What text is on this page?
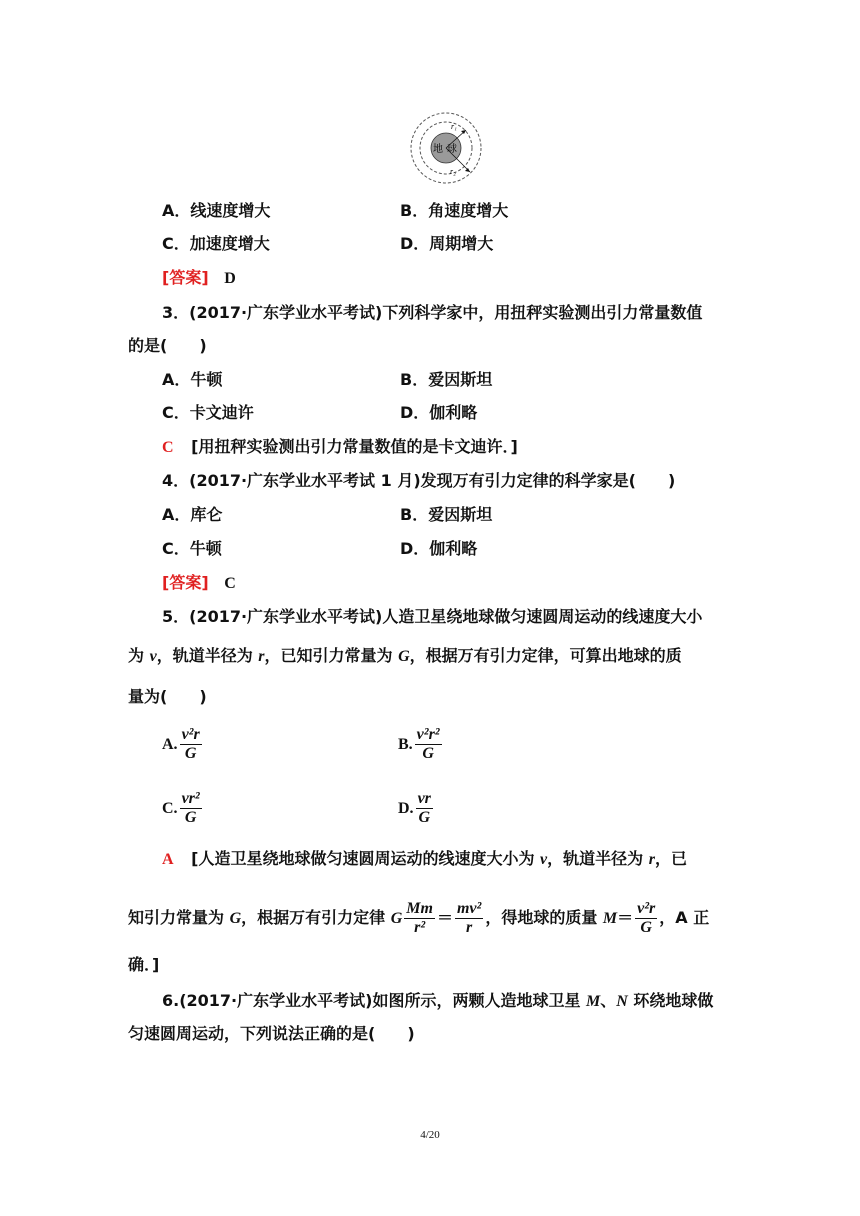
地 球
r₁
r₂
A．线速度增大	B．角速度增大
C．加速度增大	D．周期增大
[答案] D
3．(2017·广东学业水平考试)下列科学家中，用扭秤实验测出引力常量数值
的是(　　)
A．牛顿	B．爱因斯坦
C．卡文迪许	D．伽利略
C [用扭秤实验测出引力常量数值的是卡文迪许．]
4．(2017·广东学业水平考试 1 月)发现万有引力定律的科学家是(　　)
A．库仑	B．爱因斯坦
C．牛顿	D．伽利略
[答案] C
5．(2017·广东学业水平考试)人造卫星绕地球做匀速圆周运动的线速度大小
为 v，轨道半径为 r，已知引力常量为 G，根据万有引力定律，可算出地球的质
量为(　　)
A. $\frac{\text{v²r}}{G}$	B. $\frac{\text{v²r²}}{G}$
C. $\frac{\text{vr²}}{G}$	D. $\frac{vr}{G}$
A [人造卫星绕地球做匀速圆周运动的线速度大小为 v，轨道半径为 r，已
知引力常量为 G，根据万有引力定律 G $\frac{Mm}{\text{r²}} = \frac{\text{mv²}}{r}$ ，得地球的质量 $M= \frac{\text{v²r}}{G}$ ，A 正
确．]
6.(2017·广东学业水平考试)如图所示，两颗人造地球卫星 M、N 环绕地球做
匀速圆周运动，下列说法正确的是(　　)
4/20
